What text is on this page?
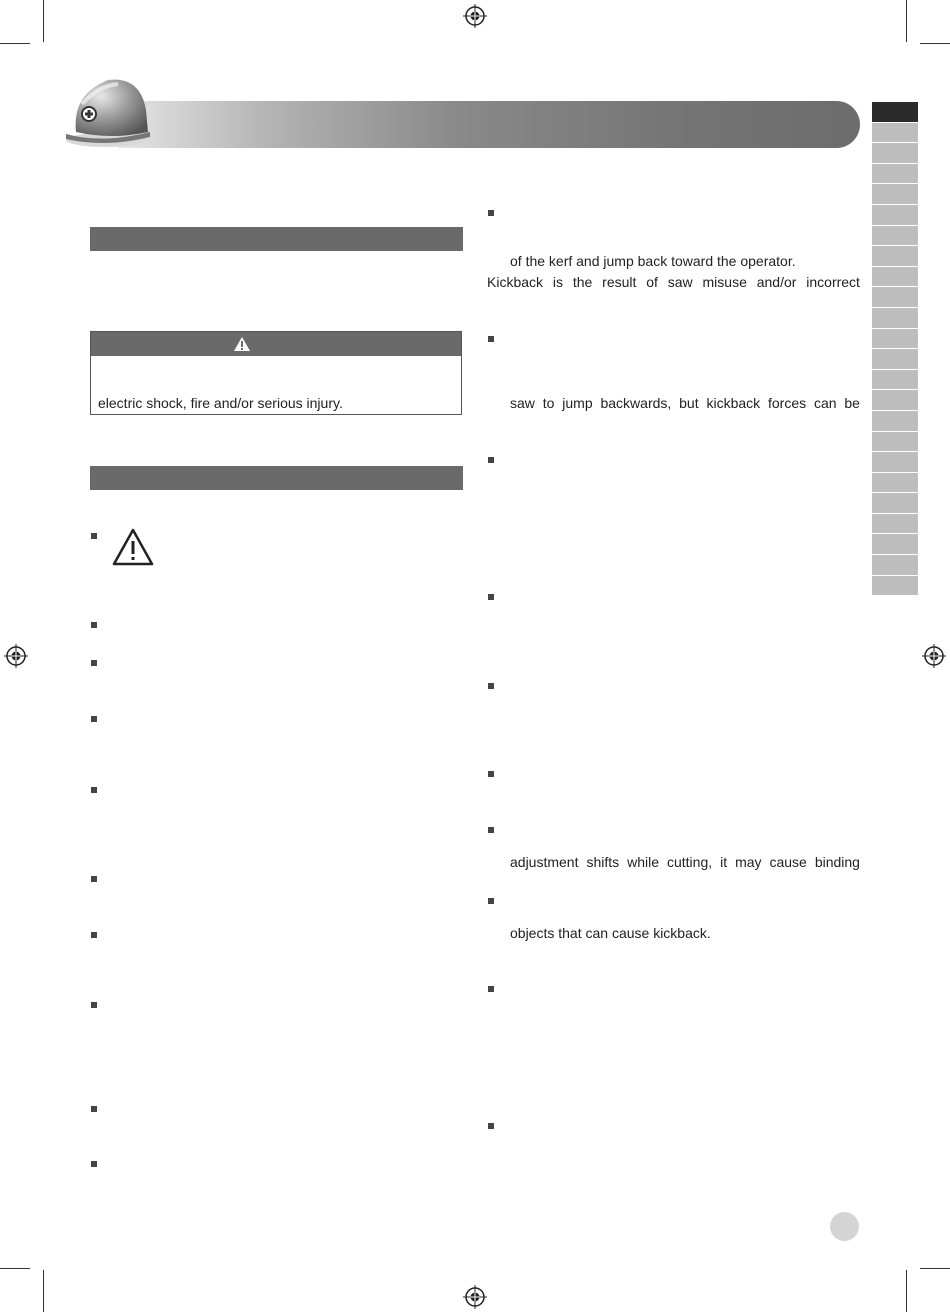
electric shock, fire and/or serious injury.
of the kerf and jump back toward the operator.
Kickback is the result of saw misuse and/or incorrect
saw to jump backwards, but kickback forces can be
adjustment shifts while cutting, it may cause binding
objects that can cause kickback.
